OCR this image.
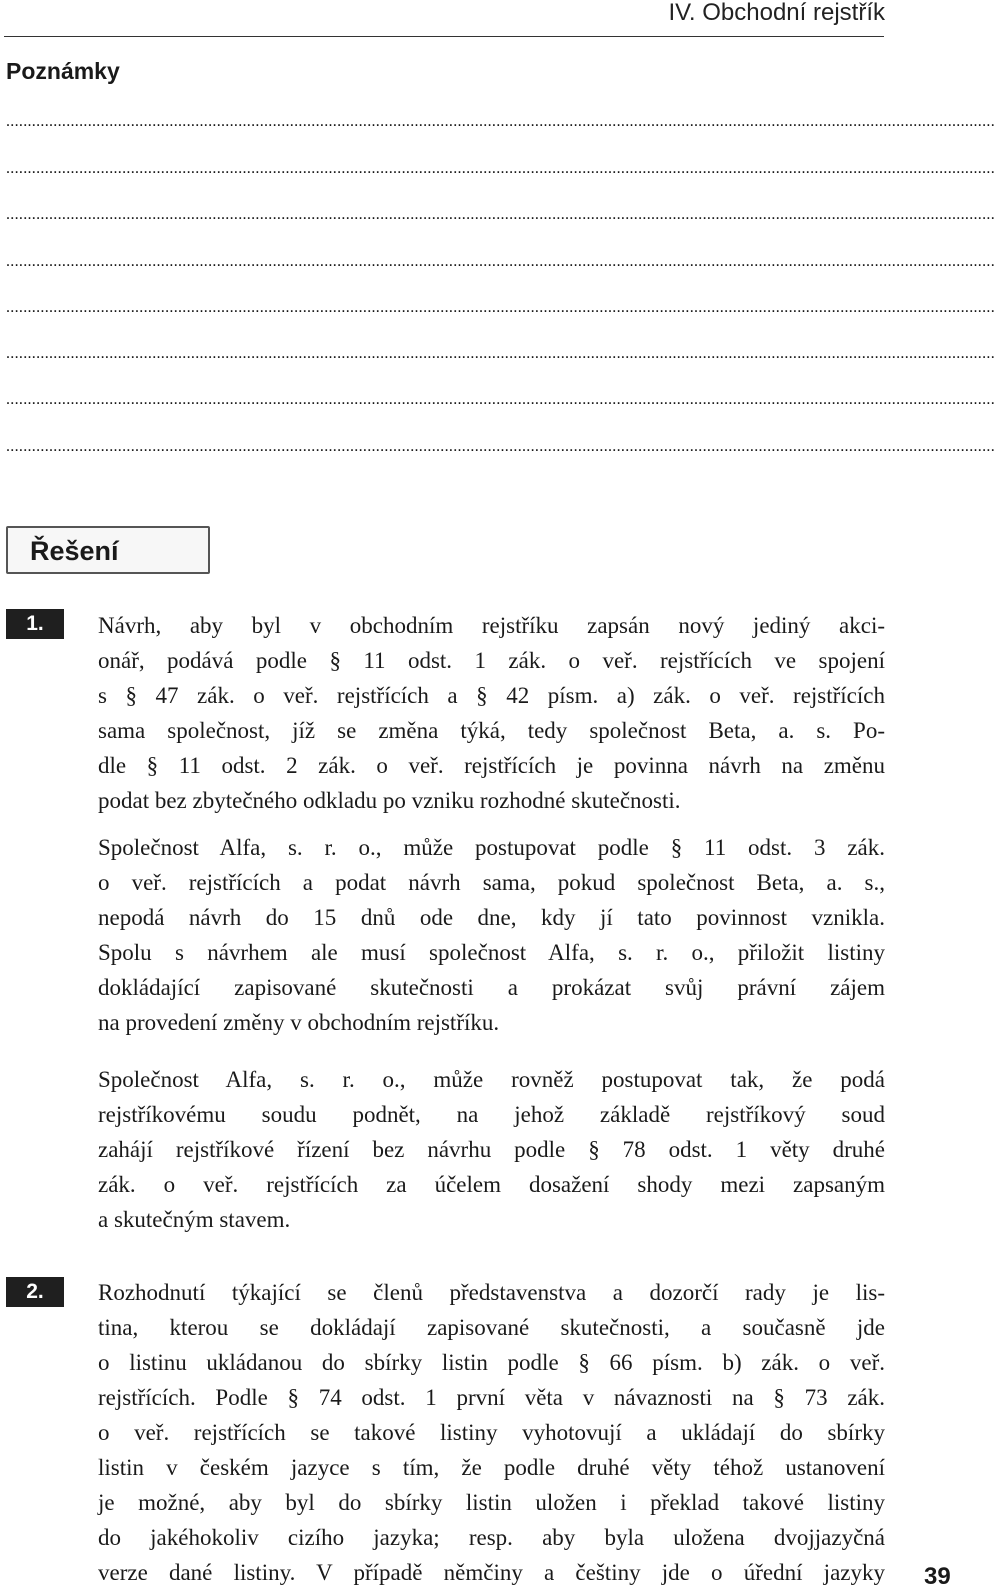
IV. Obchodní rejstřík
Poznámky
......................................................................................................................................................................................................................................
......................................................................................................................................................................................................................................
......................................................................................................................................................................................................................................
......................................................................................................................................................................................................................................
......................................................................................................................................................................................................................................
......................................................................................................................................................................................................................................
......................................................................................................................................................................................................................................
......................................................................................................................................................................................................................................
Řešení
1.	Návrh, aby byl v obchodním rejstříku zapsán nový jediný akci-
onář, podává podle § 11 odst. 1 zák. o veř. rejstřících ve spojení
s § 47 zák. o veř. rejstřících a § 42 písm. a) zák. o veř. rejstřících
sama společnost, jíž se změna týká, tedy společnost Beta, a. s. Po-
dle § 11 odst. 2 zák. o veř. rejstřících je povinna návrh na změnu
podat bez zbytečného odkladu po vzniku rozhodné skutečnosti.
Společnost Alfa, s. r. o., může postupovat podle § 11 odst. 3 zák.
o veř. rejstřících a podat návrh sama, pokud společnost Beta, a. s.,
nepodá návrh do 15 dnů ode dne, kdy jí tato povinnost vznikla.
Spolu s návrhem ale musí společnost Alfa, s. r. o., přiložit listiny
dokládající zapisované skutečnosti a prokázat svůj právní zájem
na provedení změny v obchodním rejstříku.
Společnost Alfa, s. r. o., může rovněž postupovat tak, že podá
rejstříkovému soudu podnět, na jehož základě rejstříkový soud
zahájí rejstříkové řízení bez návrhu podle § 78 odst. 1 věty druhé
zák. o veř. rejstřících za účelem dosažení shody mezi zapsaným
a skutečným stavem.
2.	Rozhodnutí týkající se členů představenstva a dozorčí rady je lis-
tina, kterou se dokládají zapisované skutečnosti, a současně jde
o listinu ukládanou do sbírky listin podle § 66 písm. b) zák. o veř.
rejstřících. Podle § 74 odst. 1 první věta v návaznosti na § 73 zák.
o veř. rejstřících se takové listiny vyhotovují a ukládají do sbírky
listin v českém jazyce s tím, že podle druhé věty téhož ustanovení
je možné, aby byl do sbírky listin uložen i překlad takové listiny
do jakéhokoliv cizího jazyka; resp. aby byla uložena dvojjazyčná
verze dané listiny. V případě němčiny a češtiny jde o úřední jazyky 39
